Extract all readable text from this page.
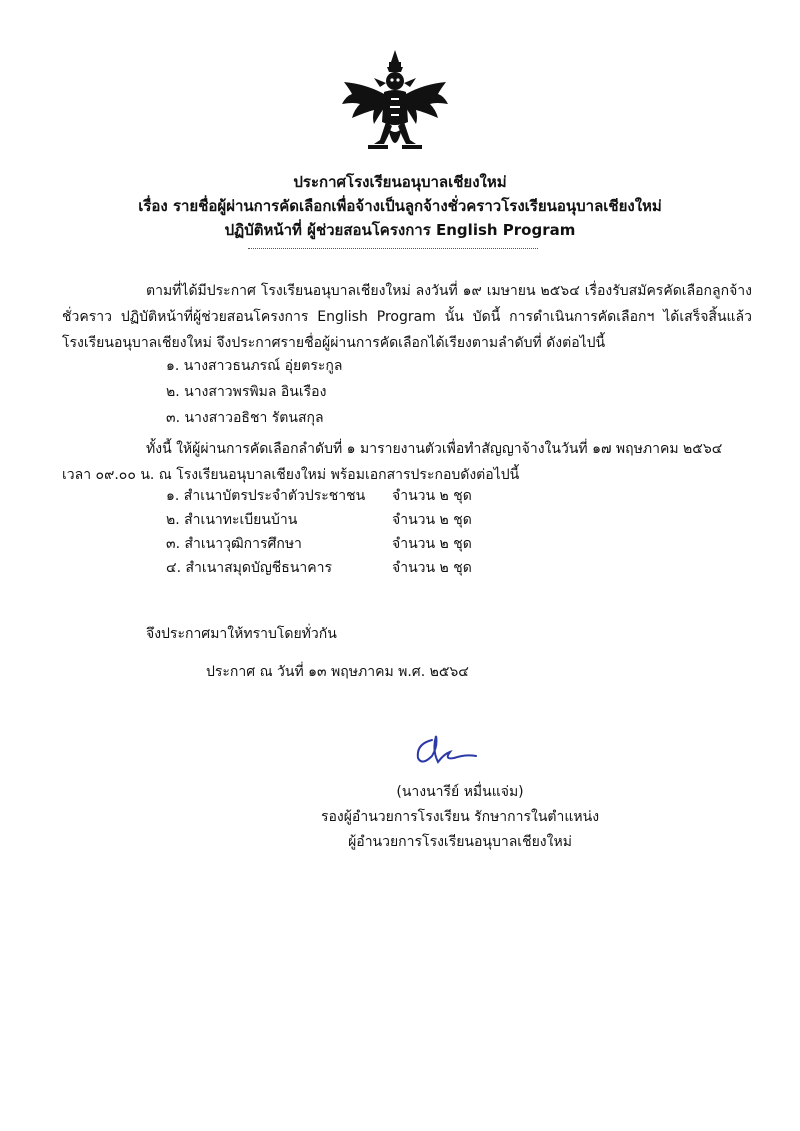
ประกาศโรงเรียนอนุบาลเชียงใหม่
เรื่อง รายชื่อผู้ผ่านการคัดเลือกเพื่อจ้างเป็นลูกจ้างชั่วคราวโรงเรียนอนุบาลเชียงใหม่
ปฏิบัติหน้าที่ ผู้ช่วยสอนโครงการ English Program
ตามที่ได้มีประกาศ โรงเรียนอนุบาลเชียงใหม่ ลงวันที่ ๑๙ เมษายน ๒๕๖๔ เรื่องรับสมัครคัดเลือกลูกจ้างชั่วคราว ปฏิบัติหน้าที่ผู้ช่วยสอนโครงการ English Program นั้น บัดนี้ การดำเนินการคัดเลือกฯ ได้เสร็จสิ้นแล้ว โรงเรียนอนุบาลเชียงใหม่ จึงประกาศรายชื่อผู้ผ่านการคัดเลือกได้เรียงตามลำดับที่ ดังต่อไปนี้
๑. นางสาวธนภรณ์ อุ่ยตระกูล
๒. นางสาวพรพิมล อินเรือง
๓. นางสาวอธิชา รัตนสกุล
ทั้งนี้ ให้ผู้ผ่านการคัดเลือกลำดับที่ ๑ มารายงานตัวเพื่อทำสัญญาจ้างในวันที่ ๑๗ พฤษภาคม ๒๕๖๔ เวลา ๐๙.๐๐ น. ณ โรงเรียนอนุบาลเชียงใหม่ พร้อมเอกสารประกอบดังต่อไปนี้
๑. สำเนาบัตรประจำตัวประชาชน	จำนวน ๒ ชุด
๒. สำเนาทะเบียนบ้าน	จำนวน ๒ ชุด
๓. สำเนาวุฒิการศึกษา	จำนวน ๒ ชุด
๔. สำเนาสมุดบัญชีธนาคาร	จำนวน ๒ ชุด
จึงประกาศมาให้ทราบโดยทั่วกัน
ประกาศ ณ วันที่ ๑๓ พฤษภาคม พ.ศ. ๒๕๖๔
(นางนารีย์ หมื่นแจ่ม)
รองผู้อำนวยการโรงเรียน รักษาการในตำแหน่ง
ผู้อำนวยการโรงเรียนอนุบาลเชียงใหม่
